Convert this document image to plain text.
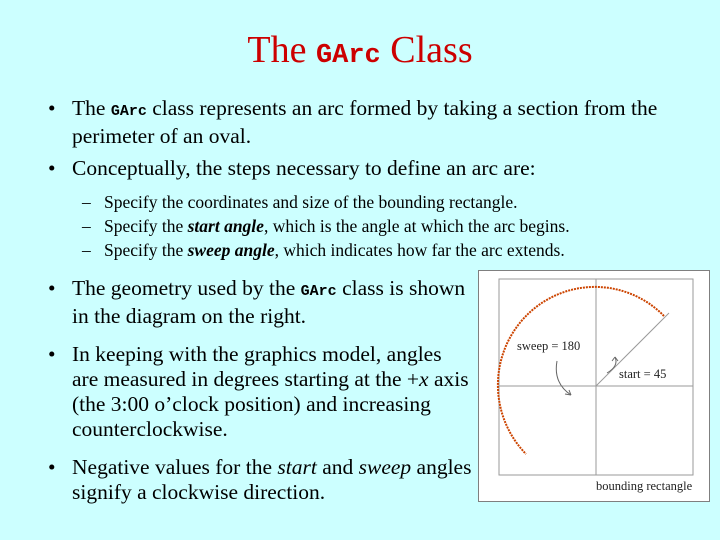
The GArc Class
• The GArc class represents an arc formed by taking a section from the perimeter of an oval.
• Conceptually, the steps necessary to define an arc are:
– Specify the coordinates and size of the bounding rectangle.
– Specify the start angle, which is the angle at which the arc begins.
– Specify the sweep angle, which indicates how far the arc extends.
• The geometry used by the GArc class is shown in the diagram on the right.
• In keeping with the graphics model, angles are measured in degrees starting at the +x axis (the 3:00 o’clock position) and increasing counterclockwise.
• Negative values for the start and sweep angles signify a clockwise direction.
sweep = 180
start = 45
bounding rectangle
